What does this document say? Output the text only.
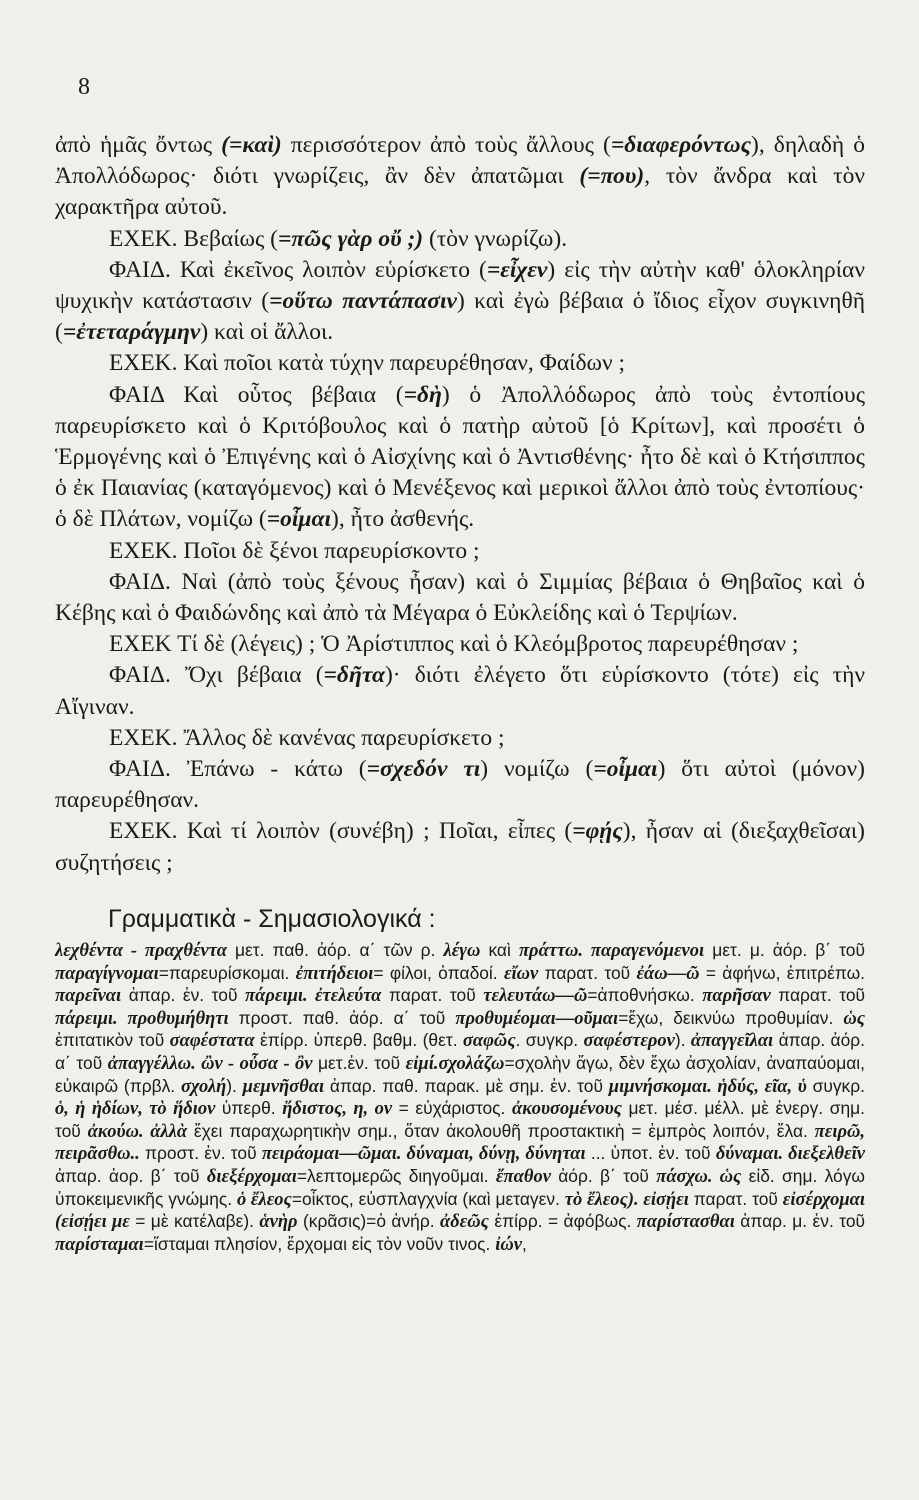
8

ἀπὸ ἡμᾶς ὄντως (=καὶ) περισσότερον ἀπὸ τοὺς ἄλλους (=διαφερόντως), δηλαδὴ ὁ Ἀπολλόδωρος· διότι γνωρίζεις, ἂν δὲν ἀπατῶμαι (=που), τὸν ἄνδρα καὶ τὸν χαρακτῆρα αὐτοῦ.

ΕΧΕΚ. Βεβαίως (=πῶς γὰρ οὔ ;) (τὸν γνωρίζω).

ΦΑΙΔ. Καὶ ἐκεῖνος λοιπὸν εὑρίσκετο (=εἶχεν) εἰς τὴν αὐτὴν καθ' ὁλοκληρίαν ψυχικὴν κατάστασιν (=οὕτω παντάπασιν) καὶ ἐγὼ βέβαια ὁ ἴδιος εἶχον συγκινηθῆ (=ἐτεταράγμην) καὶ οἱ ἄλλοι.

ΕΧΕΚ. Καὶ ποῖοι κατὰ τύχην παρευρέθησαν, Φαίδων ;

ΦΑΙΔ Καὶ οὗτος βέβαια (=δὴ) ὁ Ἀπολλόδωρος ἀπὸ τοὺς ἐντοπίους παρευρίσκετο καὶ ὁ Κριτόβουλος καὶ ὁ πατὴρ αὐτοῦ [ὁ Κρίτων], καὶ προσέτι ὁ Ἑρμογένης καὶ ὁ Ἐπιγένης καὶ ὁ Αἰσχίνης καὶ ὁ Ἀντισθένης· ἦτο δὲ καὶ ὁ Κτήσιππος ὁ ἐκ Παιανίας (καταγόμενος) καὶ ὁ Μενέξενος καὶ μερικοὶ ἄλλοι ἀπὸ τοὺς ἐντοπίους· ὁ δὲ Πλάτων, νομίζω (=οἶμαι), ἦτο ἀσθενής.

ΕΧΕΚ. Ποῖοι δὲ ξένοι παρευρίσκοντο ;

ΦΑΙΔ. Ναὶ (ἀπὸ τοὺς ξένους ἦσαν) καὶ ὁ Σιμμίας βέβαια ὁ Θηβαῖος καὶ ὁ Κέβης καὶ ὁ Φαιδώνδης καὶ ἀπὸ τὰ Μέγαρα ὁ Εὐκλείδης καὶ ὁ Τερψίων.

ΕΧΕΚ Τί δὲ (λέγεις) ; Ὁ Ἀρίστιππος καὶ ὁ Κλεόμβροτος παρευρέθησαν ;

ΦΑΙΔ. Ὄχι βέβαια (=δῆτα)· διότι ἐλέγετο ὅτι εὑρίσκοντο (τότε) εἰς τὴν Αἴγιναν.

ΕΧΕΚ. Ἄλλος δὲ κανένας παρευρίσκετο ;

ΦΑΙΔ. Ἐπάνω - κάτω (=σχεδόν τι) νομίζω (=οἶμαι) ὅτι αὐτοὶ (μόνον) παρευρέθησαν.

ΕΧΕΚ. Καὶ τί λοιπὸν (συνέβη) ; Ποῖαι, εἶπες (=φῄς), ἦσαν αἱ (διεξαχθεῖσαι) συζητήσεις ;

Γραμματικὰ - Σημασιολογικά :
λεχθέντα - πραχθέντα μετ. παθ. ἀόρ. α΄ τῶν ρ. λέγω καὶ πράττω. παραγενόμενοι μετ. μ. ἀόρ. β΄ τοῦ παραγίγνομαι=παρευρίσκομαι. ἐπιτήδειοι= φίλοι, ὀπαδοί. εἴων παρατ. τοῦ ἐάω—ῶ = ἀφήνω, ἐπιτρέπω. παρεῖναι ἀπαρ. ἐν. τοῦ πάρειμι. ἐτελεύτα παρατ. τοῦ τελευτάω—ῶ=ἀποθνήσκω. παρῆσαν παρατ. τοῦ πάρειμι. προθυμήθητι προστ. παθ. ἀόρ. α΄ τοῦ προθυμέομαι—οῦμαι=ἔχω, δεικνύω προθυμίαν. ὡς ἐπιτατικὸν τοῦ σαφέστατα ἐπίρρ. ὑπερθ. βαθμ. (θετ. σαφῶς. συγκρ. σαφέστερον). ἀπαγγεῖλαι ἀπαρ. ἀόρ. α΄ τοῦ ἀπαγγέλλω. ὢν - οὖσα - ὂν μετ.ἐν. τοῦ εἰμί.σχολάζω=σχολὴν ἄγω, δὲν ἔχω ἀσχολίαν, ἀναπαύομαι, εὐκαιρῶ (πρβλ. σχολή). μεμνῆσθαι ἀπαρ. παθ. παρακ. μὲ σημ. ἐν. τοῦ μιμνήσκομαι. ἡδύς, εῖα, ὑ συγκρ. ὁ, ἡ ἡδίων, τὸ ἥδιον ὑπερθ. ἥδιστος, η, ον = εὐχάριστος. ἀκουσομένους μετ. μέσ. μέλλ. μὲ ἐνεργ. σημ. τοῦ ἀκούω. ἀλλὰ ἔχει παραχωρητικὴν σημ., ὅταν ἀκολουθῆ προστακτικὴ = ἐμπρὸς λοιπόν, ἔλα. πειρῶ, πειρᾶσθω.. προστ. ἐν. τοῦ πειράομαι—ῶμαι. δύναμαι, δύνῃ, δύνηται ... ὑποτ. ἐν. τοῦ δύναμαι. διεξελθεῖν ἀπαρ. ἀορ. β΄ τοῦ διεξέρχομαι=λεπτομερῶς διηγοῦμαι. ἔπαθον ἀόρ. β΄ τοῦ πάσχω. ὡς εἰδ. σημ. λόγω ὑποκειμενικῆς γνώμης. ὁ ἔλεος=οἶκτος, εὐσπλαγχνία (καὶ μεταγεν. τὸ ἔλεος). εἰσῄει παρατ. τοῦ εἰσέρχομαι (εἰσῄει με = μὲ κατέλαβε). ἁνὴρ (κρᾶσις)=ὁ ἀνήρ. ἀδεῶς ἐπίρρ. = ἀφόβως. παρίστασθαι ἀπαρ. μ. ἐν. τοῦ παρίσταμαι=ἵσταμαι πλησίον, ἔρχομαι εἰς τὸν νοῦν τινος. ἰών,
